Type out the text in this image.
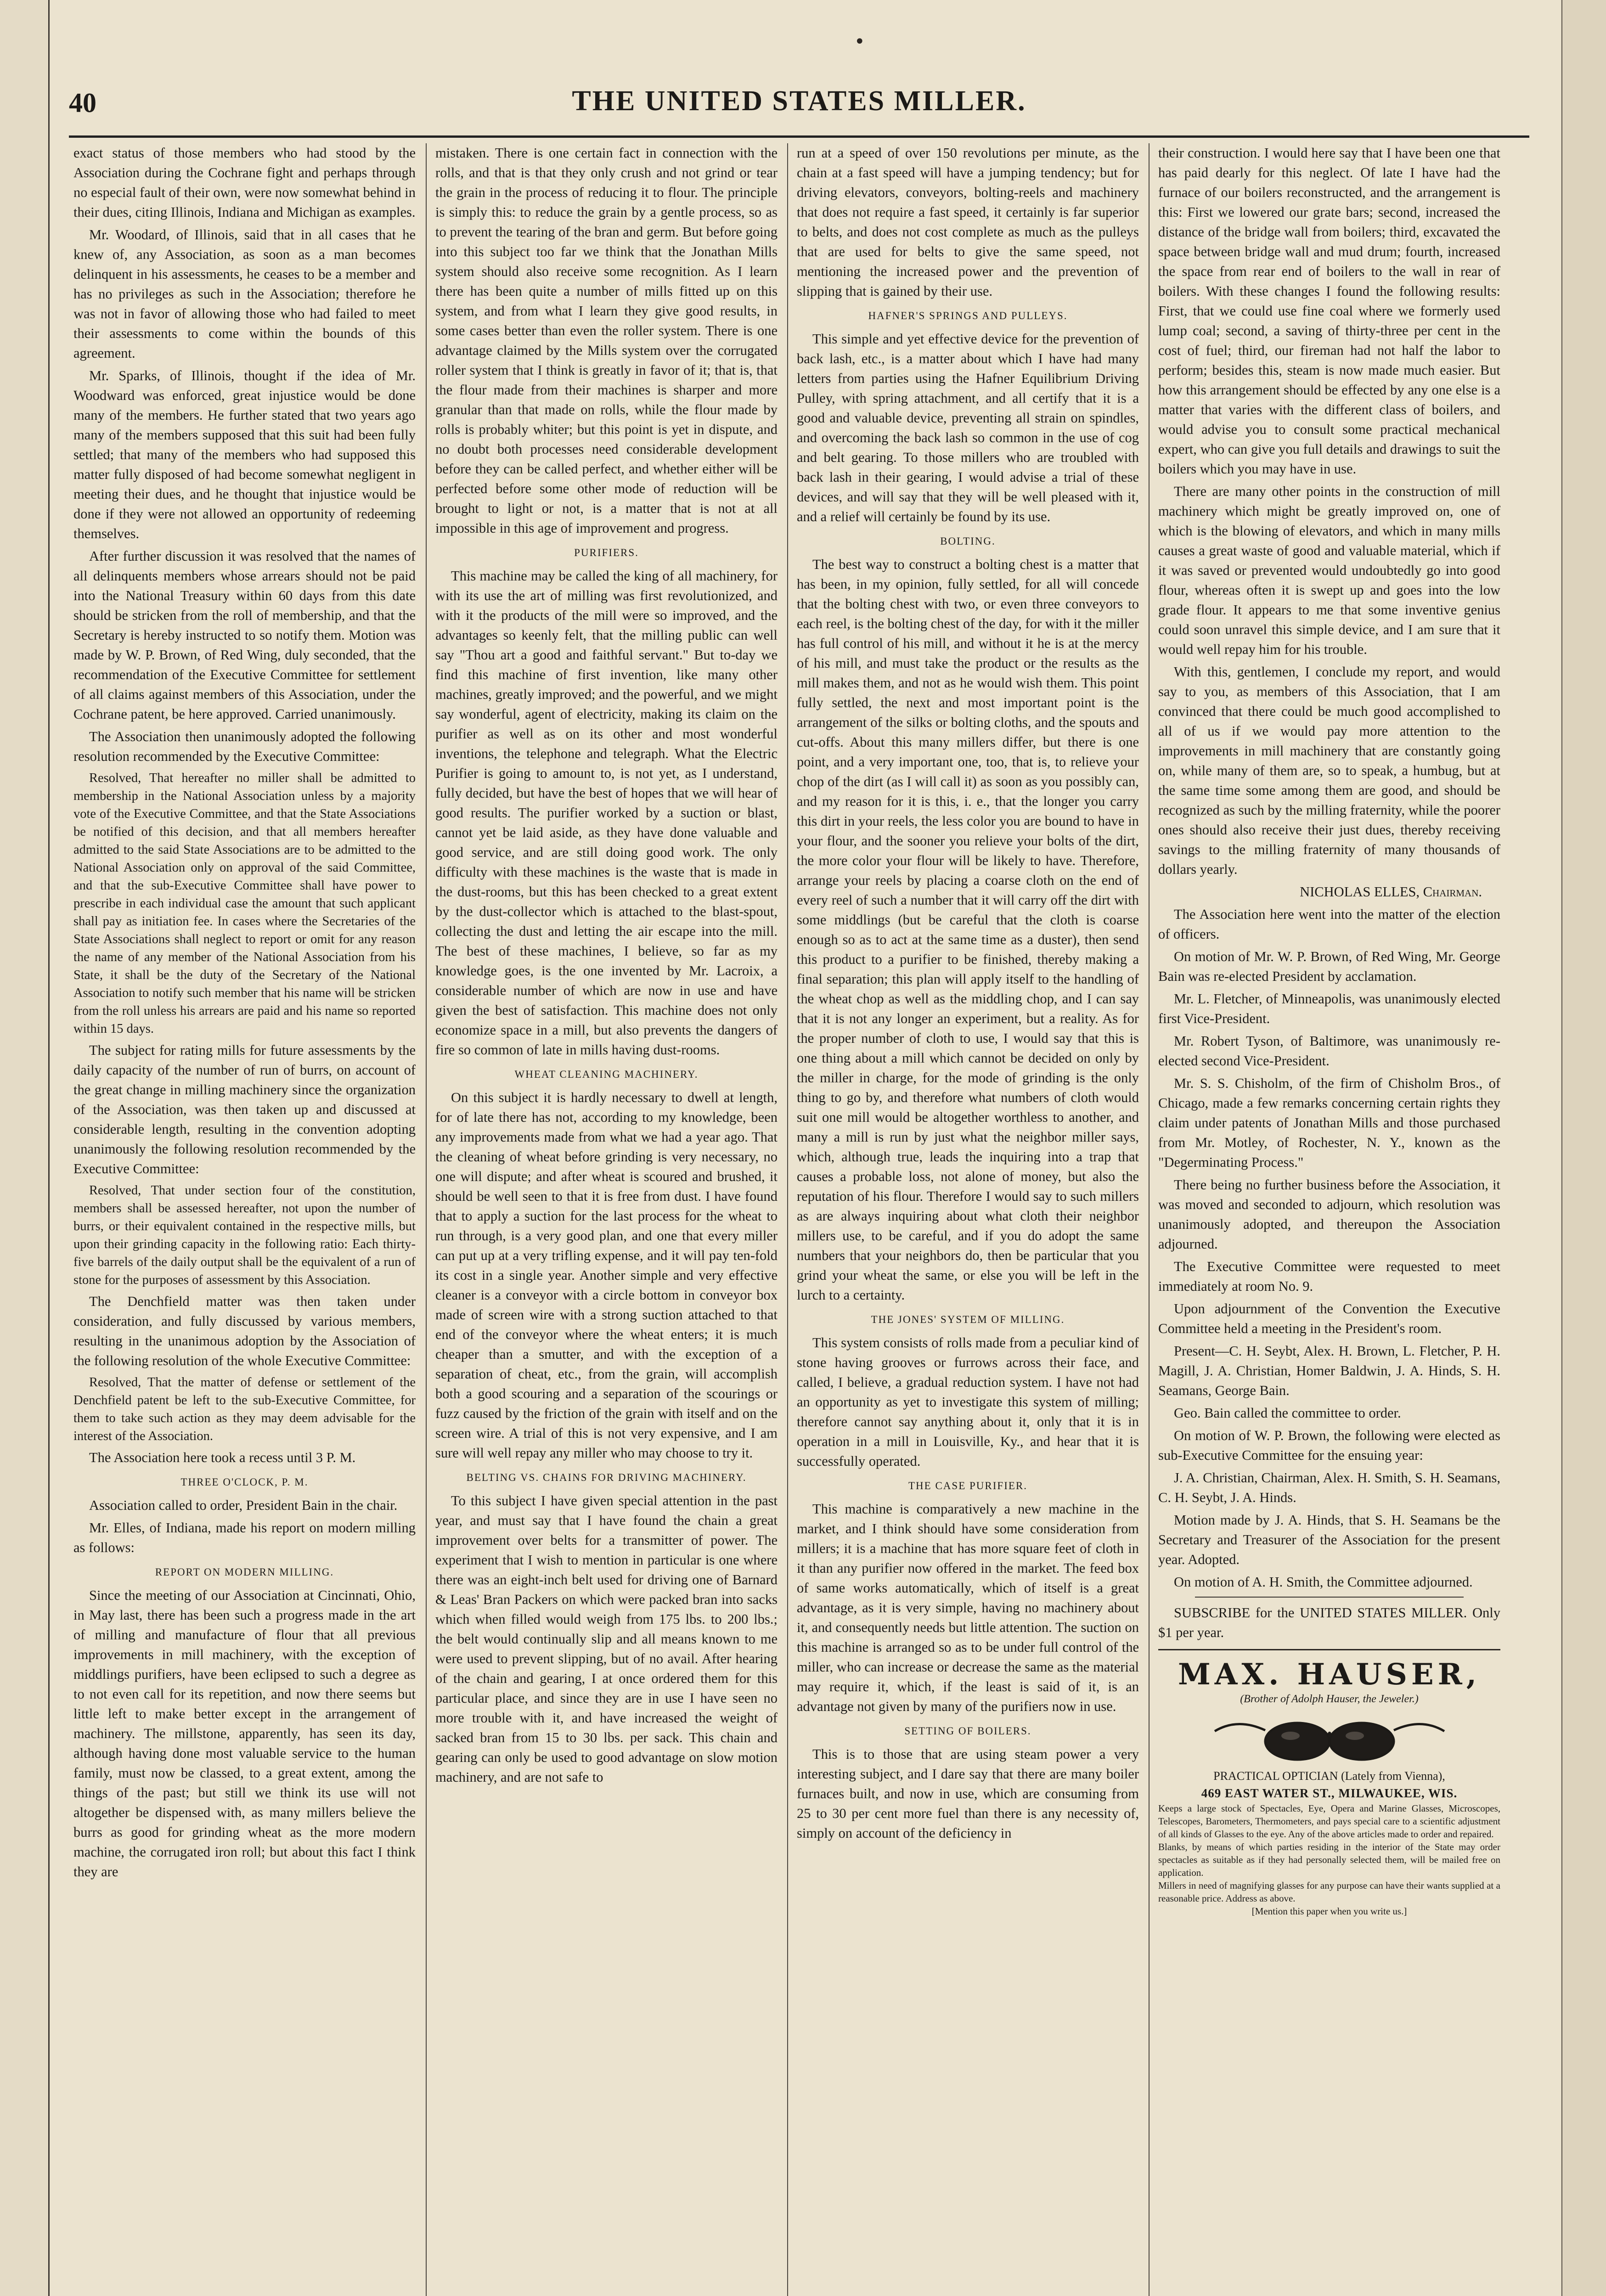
•
40	THE UNITED STATES MILLER.

exact status of those members who had stood by the Association during the Cochrane fight and perhaps through no especial fault of their own, were now somewhat behind in their dues, citing Illinois, Indiana and Michigan as examples.

Mr. Woodard, of Illinois, said that in all cases that he knew of, any Association, as soon as a man becomes delinquent in his assessments, he ceases to be a member and has no privileges as such in the Association; therefore he was not in favor of allowing those who had failed to meet their assessments to come within the bounds of this agreement.

Mr. Sparks, of Illinois, thought if the idea of Mr. Woodward was enforced, great injustice would be done many of the members. He further stated that two years ago many of the members supposed that this suit had been fully settled; that many of the members who had supposed this matter fully disposed of had become somewhat negligent in meeting their dues, and he thought that injustice would be done if they were not allowed an opportunity of redeeming themselves.

After further discussion it was resolved that the names of all delinquents members whose arrears should not be paid into the National Treasury within 60 days from this date should be stricken from the roll of membership, and that the Secretary is hereby instructed to so notify them. Motion was made by W. P. Brown, of Red Wing, duly seconded, that the recommendation of the Executive Committee for settlement of all claims against members of this Association, under the Cochrane patent, be here approved. Carried unanimously.

The Association then unanimously adopted the following resolution recommended by the Executive Committee:

Resolved, That hereafter no miller shall be admitted to membership in the National Association unless by a majority vote of the Executive Committee, and that the State Associations be notified of this decision, and that all members hereafter admitted to the said State Associations are to be admitted to the National Association only on approval of the said Committee, and that the sub-Executive Committee shall have power to prescribe in each individual case the amount that such applicant shall pay as initiation fee. In cases where the Secretaries of the State Associations shall neglect to report or omit for any reason the name of any member of the National Association from his State, it shall be the duty of the Secretary of the National Association to notify such member that his name will be stricken from the roll unless his arrears are paid and his name so reported within 15 days.

The subject for rating mills for future assessments by the daily capacity of the number of run of burrs, on account of the great change in milling machinery since the organization of the Association, was then taken up and discussed at considerable length, resulting in the convention adopting unanimously the following resolution recommended by the Executive Committee:

Resolved, That under section four of the constitution, members shall be assessed hereafter, not upon the number of burrs, or their equivalent contained in the respective mills, but upon their grinding capacity in the following ratio: Each thirty-five barrels of the daily output shall be the equivalent of a run of stone for the purposes of assessment by this Association.

The Denchfield matter was then taken under consideration, and fully discussed by various members, resulting in the unanimous adoption by the Association of the following resolution of the whole Executive Committee:

Resolved, That the matter of defense or settlement of the Denchfield patent be left to the sub-Executive Committee, for them to take such action as they may deem advisable for the interest of the Association.

The Association here took a recess until 3 P. M.

THREE O'CLOCK, P. M.

Association called to order, President Bain in the chair.

Mr. Elles, of Indiana, made his report on modern milling as follows:

REPORT ON MODERN MILLING.

Since the meeting of our Association at Cincinnati, Ohio, in May last, there has been such a progress made in the art of milling and manufacture of flour that all previous improvements in mill machinery, with the exception of middlings purifiers, have been eclipsed to such a degree as to not even call for its repetition, and now there seems but little left to make better except in the arrangement of machinery. The millstone, apparently, has seen its day, although having done most valuable service to the human family, must now be classed, to a great extent, among the things of the past; but still we think its use will not altogether be dispensed with, as many millers believe the burrs as good for grinding wheat as the more modern machine, the corrugated iron roll; but about this fact I think they are

mistaken. There is one certain fact in connection with the rolls, and that is that they only crush and not grind or tear the grain in the process of reducing it to flour. The principle is simply this: to reduce the grain by a gentle process, so as to prevent the tearing of the bran and germ. But before going into this subject too far we think that the Jonathan Mills system should also receive some recognition. As I learn there has been quite a number of mills fitted up on this system, and from what I learn they give good results, in some cases better than even the roller system. There is one advantage claimed by the Mills system over the corrugated roller system that I think is greatly in favor of it; that is, that the flour made from their machines is sharper and more granular than that made on rolls, while the flour made by rolls is probably whiter; but this point is yet in dispute, and no doubt both processes need considerable development before they can be called perfect, and whether either will be perfected before some other mode of reduction will be brought to light or not, is a matter that is not at all impossible in this age of improvement and progress.

PURIFIERS.

This machine may be called the king of all machinery, for with its use the art of milling was first revolutionized, and with it the products of the mill were so improved, and the advantages so keenly felt, that the milling public can well say "Thou art a good and faithful servant." But to-day we find this machine of first invention, like many other machines, greatly improved; and the powerful, and we might say wonderful, agent of electricity, making its claim on the purifier as well as on its other and most wonderful inventions, the telephone and telegraph. What the Electric Purifier is going to amount to, is not yet, as I understand, fully decided, but have the best of hopes that we will hear of good results. The purifier worked by a suction or blast, cannot yet be laid aside, as they have done valuable and good service, and are still doing good work. The only difficulty with these machines is the waste that is made in the dust-rooms, but this has been checked to a great extent by the dust-collector which is attached to the blast-spout, collecting the dust and letting the air escape into the mill. The best of these machines, I believe, so far as my knowledge goes, is the one invented by Mr. Lacroix, a considerable number of which are now in use and have given the best of satisfaction. This machine does not only economize space in a mill, but also prevents the dangers of fire so common of late in mills having dust-rooms.

WHEAT CLEANING MACHINERY.

On this subject it is hardly necessary to dwell at length, for of late there has not, according to my knowledge, been any improvements made from what we had a year ago. That the cleaning of wheat before grinding is very necessary, no one will dispute; and after wheat is scoured and brushed, it should be well seen to that it is free from dust. I have found that to apply a suction for the last process for the wheat to run through, is a very good plan, and one that every miller can put up at a very trifling expense, and it will pay ten-fold its cost in a single year. Another simple and very effective cleaner is a conveyor with a circle bottom in conveyor box made of screen wire with a strong suction attached to that end of the conveyor where the wheat enters; it is much cheaper than a smutter, and with the exception of a separation of cheat, etc., from the grain, will accomplish both a good scouring and a separation of the scourings or fuzz caused by the friction of the grain with itself and on the screen wire. A trial of this is not very expensive, and I am sure will well repay any miller who may choose to try it.

BELTING VS. CHAINS FOR DRIVING MACHINERY.

To this subject I have given special attention in the past year, and must say that I have found the chain a great improvement over belts for a transmitter of power. The experiment that I wish to mention in particular is one where there was an eight-inch belt used for driving one of Barnard & Leas' Bran Packers on which were packed bran into sacks which when filled would weigh from 175 lbs. to 200 lbs.; the belt would continually slip and all means known to me were used to prevent slipping, but of no avail. After hearing of the chain and gearing, I at once ordered them for this particular place, and since they are in use I have seen no more trouble with it, and have increased the weight of sacked bran from 15 to 30 lbs. per sack. This chain and gearing can only be used to good advantage on slow motion machinery, and are not safe to

run at a speed of over 150 revolutions per minute, as the chain at a fast speed will have a jumping tendency; but for driving elevators, conveyors, bolting-reels and machinery that does not require a fast speed, it certainly is far superior to belts, and does not cost complete as much as the pulleys that are used for belts to give the same speed, not mentioning the increased power and the prevention of slipping that is gained by their use.

HAFNER'S SPRINGS AND PULLEYS.

This simple and yet effective device for the prevention of back lash, etc., is a matter about which I have had many letters from parties using the Hafner Equilibrium Driving Pulley, with spring attachment, and all certify that it is a good and valuable device, preventing all strain on spindles, and overcoming the back lash so common in the use of cog and belt gearing. To those millers who are troubled with back lash in their gearing, I would advise a trial of these devices, and will say that they will be well pleased with it, and a relief will certainly be found by its use.

BOLTING.

The best way to construct a bolting chest is a matter that has been, in my opinion, fully settled, for all will concede that the bolting chest with two, or even three conveyors to each reel, is the bolting chest of the day, for with it the miller has full control of his mill, and without it he is at the mercy of his mill, and must take the product or the results as the mill makes them, and not as he would wish them. This point fully settled, the next and most important point is the arrangement of the silks or bolting cloths, and the spouts and cut-offs. About this many millers differ, but there is one point, and a very important one, too, that is, to relieve your chop of the dirt (as I will call it) as soon as you possibly can, and my reason for it is this, i. e., that the longer you carry this dirt in your reels, the less color you are bound to have in your flour, and the sooner you relieve your bolts of the dirt, the more color your flour will be likely to have. Therefore, arrange your reels by placing a coarse cloth on the end of every reel of such a number that it will carry off the dirt with some middlings (but be careful that the cloth is coarse enough so as to act at the same time as a duster), then send this product to a purifier to be finished, thereby making a final separation; this plan will apply itself to the handling of the wheat chop as well as the middling chop, and I can say that it is not any longer an experiment, but a reality. As for the proper number of cloth to use, I would say that this is one thing about a mill which cannot be decided on only by the miller in charge, for the mode of grinding is the only thing to go by, and therefore what numbers of cloth would suit one mill would be altogether worthless to another, and many a mill is run by just what the neighbor miller says, which, although true, leads the inquiring into a trap that causes a probable loss, not alone of money, but also the reputation of his flour. Therefore I would say to such millers as are always inquiring about what cloth their neighbor millers use, to be careful, and if you do adopt the same numbers that your neighbors do, then be particular that you grind your wheat the same, or else you will be left in the lurch to a certainty.

THE JONES' SYSTEM OF MILLING.

This system consists of rolls made from a peculiar kind of stone having grooves or furrows across their face, and called, I believe, a gradual reduction system. I have not had an opportunity as yet to investigate this system of milling; therefore cannot say anything about it, only that it is in operation in a mill in Louisville, Ky., and hear that it is successfully operated.

THE CASE PURIFIER.

This machine is comparatively a new machine in the market, and I think should have some consideration from millers; it is a machine that has more square feet of cloth in it than any purifier now offered in the market. The feed box of same works automatically, which of itself is a great advantage, as it is very simple, having no machinery about it, and consequently needs but little attention. The suction on this machine is arranged so as to be under full control of the miller, who can increase or decrease the same as the material may require it, which, if the least is said of it, is an advantage not given by many of the purifiers now in use.

SETTING OF BOILERS.

This is to those that are using steam power a very interesting subject, and I dare say that there are many boiler furnaces built, and now in use, which are consuming from 25 to 30 per cent more fuel than there is any necessity of, simply on account of the deficiency in

their construction. I would here say that I have been one that has paid dearly for this neglect. Of late I have had the furnace of our boilers reconstructed, and the arrangement is this: First we lowered our grate bars; second, increased the distance of the bridge wall from boilers; third, excavated the space between bridge wall and mud drum; fourth, increased the space from rear end of boilers to the wall in rear of boilers. With these changes I found the following results: First, that we could use fine coal where we formerly used lump coal; second, a saving of thirty-three per cent in the cost of fuel; third, our fireman had not half the labor to perform; besides this, steam is now made much easier. But how this arrangement should be effected by any one else is a matter that varies with the different class of boilers, and would advise you to consult some practical mechanical expert, who can give you full details and drawings to suit the boilers which you may have in use.

There are many other points in the construction of mill machinery which might be greatly improved on, one of which is the blowing of elevators, and which in many mills causes a great waste of good and valuable material, which if it was saved or prevented would undoubtedly go into good flour, whereas often it is swept up and goes into the low grade flour. It appears to me that some inventive genius could soon unravel this simple device, and I am sure that it would well repay him for his trouble.

With this, gentlemen, I conclude my report, and would say to you, as members of this Association, that I am convinced that there could be much good accomplished to all of us if we would pay more attention to the improvements in mill machinery that are constantly going on, while many of them are, so to speak, a humbug, but at the same time some among them are good, and should be recognized as such by the milling fraternity, while the poorer ones should also receive their just dues, thereby receiving savings to the milling fraternity of many thousands of dollars yearly.

NICHOLAS ELLES, Chairman.

The Association here went into the matter of the election of officers.

On motion of Mr. W. P. Brown, of Red Wing, Mr. George Bain was re-elected President by acclamation.

Mr. L. Fletcher, of Minneapolis, was unanimously elected first Vice-President.

Mr. Robert Tyson, of Baltimore, was unanimously re-elected second Vice-President.

Mr. S. S. Chisholm, of the firm of Chisholm Bros., of Chicago, made a few remarks concerning certain rights they claim under patents of Jonathan Mills and those purchased from Mr. Motley, of Rochester, N. Y., known as the "Degerminating Process."

There being no further business before the Association, it was moved and seconded to adjourn, which resolution was unanimously adopted, and thereupon the Association adjourned.

The Executive Committee were requested to meet immediately at room No. 9.

Upon adjournment of the Convention the Executive Committee held a meeting in the President's room.

Present—C. H. Seybt, Alex. H. Brown, L. Fletcher, P. H. Magill, J. A. Christian, Homer Baldwin, J. A. Hinds, S. H. Seamans, George Bain.

Geo. Bain called the committee to order.

On motion of W. P. Brown, the following were elected as sub-Executive Committee for the ensuing year:

J. A. Christian, Chairman, Alex. H. Smith, S. H. Seamans, C. H. Seybt, J. A. Hinds.

Motion made by J. A. Hinds, that S. H. Seamans be the Secretary and Treasurer of the Association for the present year. Adopted.

On motion of A. H. Smith, the Committee adjourned.

SUBSCRIBE for the UNITED STATES MILLER. Only $1 per year.

MAX. HAUSER,
(Brother of Adolph Hauser, the Jeweler.)
PRACTICAL OPTICIAN (Lately from Vienna),
469 EAST WATER ST., MILWAUKEE, WIS.
Keeps a large stock of Spectacles, Eye, Opera and Marine Glasses, Microscopes, Telescopes, Barometers, Thermometers, and pays special care to a scientific adjustment of all kinds of Glasses to the eye. Any of the above articles made to order and repaired.
Blanks, by means of which parties residing in the interior of the State may order spectacles as suitable as if they had personally selected them, will be mailed free on application.
Millers in need of magnifying glasses for any purpose can have their wants supplied at a reasonable price. Address as above.
[Mention this paper when you write us.]
